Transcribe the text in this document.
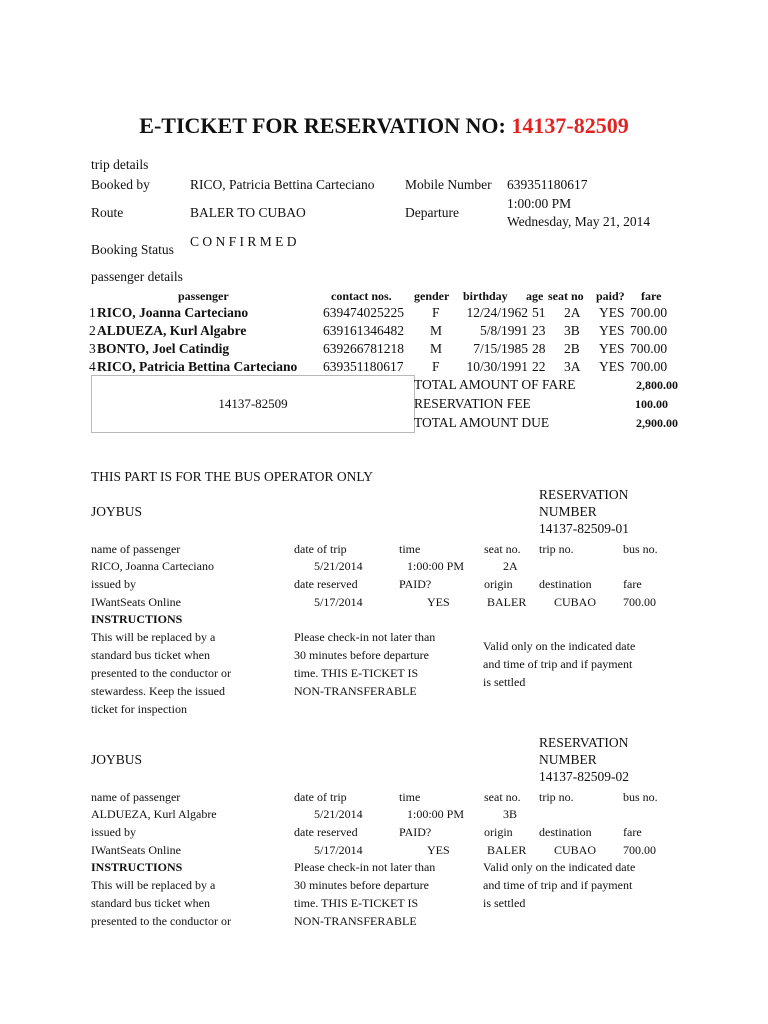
E-TICKET FOR RESERVATION NO: 14137-82509
trip details
Booked by	RICO, Patricia Bettina Carteciano Mobile Number 639351180617
Route	BALER TO CUBAO	Departure
1:00:00 PM
Wednesday, May 21, 2014
Booking Status
C O N F I R M E D
passenger details
passenger	contact nos. gender birthday age seat no paid? fare
1 RICO, Joanna Carteciano	639474025225 F	12/24/1962 51 2A YES 700.00
2 ALDUEZA, Kurl Algabre	639161346482 M	5/8/1991 23 3B YES 700.00
3 BONTO, Joel Catindig	639266781218 M	7/15/1985 28 2B YES 700.00
4 RICO, Patricia Bettina Carteciano 639351180617 F	10/30/1991 22 3A YES 700.00
14137-82509
TOTAL AMOUNT OF FARE	2,800.00
RESERVATION FEE	100.00
TOTAL AMOUNT DUE	2,900.00
THIS PART IS FOR THE BUS OPERATOR ONLY
RESERVATION
NUMBER
14137-82509-01
JOYBUS
name of passenger	date of trip	time	seat no. trip no.	bus no.
RICO, Joanna Carteciano	5/21/2014	1:00:00 PM	2A
issued by	date reserved	PAID?	origin destination	fare
IWantSeats Online	5/17/2014	YES	BALER CUBAO 700.00
INSTRUCTIONS
This will be replaced by a
standard bus ticket when
presented to the conductor or
stewardess. Keep the issued
ticket for inspection
Please check-in not later than
30 minutes before departure
time. THIS E-TICKET IS
NON-TRANSFERABLE
Valid only on the indicated date
and time of trip and if payment
is settled
RESERVATION
NUMBER
14137-82509-02
JOYBUS
name of passenger	date of trip	time	seat no. trip no.	bus no.
ALDUEZA, Kurl Algabre	5/21/2014	1:00:00 PM	3B
issued by	date reserved	PAID?	origin destination	fare
IWantSeats Online	5/17/2014	YES	BALER CUBAO 700.00
INSTRUCTIONS
This will be replaced by a
standard bus ticket when
presented to the conductor or
Please check-in not later than
30 minutes before departure
time. THIS E-TICKET IS
NON-TRANSFERABLE
Valid only on the indicated date
and time of trip and if payment
is settled
